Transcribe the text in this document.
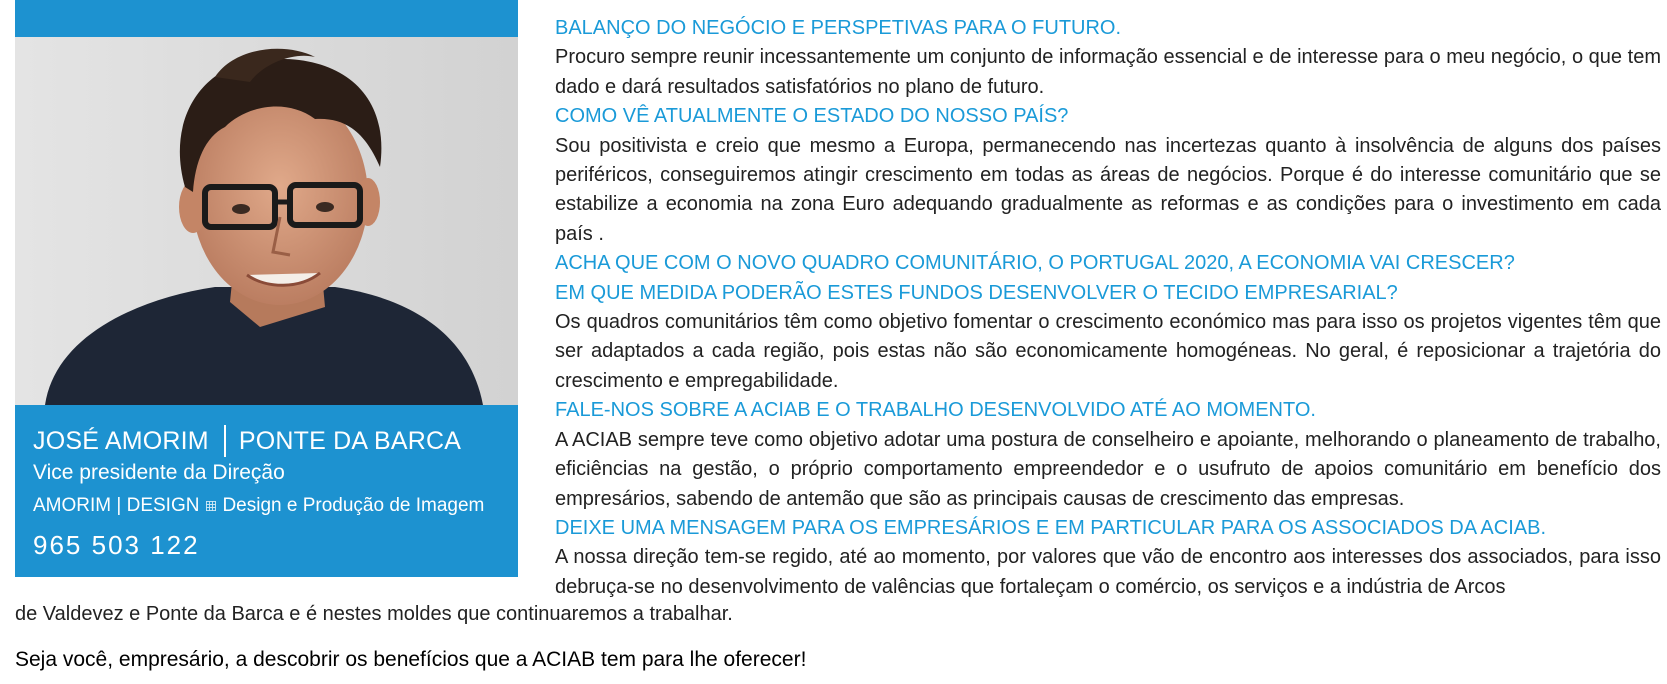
JOSÉ AMORIM PONTE DA BARCA
Vice presidente da Direção
AMORIM | DESIGN Design e Produção de Imagem
965 503 122

BALANÇO DO NEGÓCIO E PERSPETIVAS PARA O FUTURO.

Procuro sempre reunir incessantemente um conjunto de informação essencial e de interesse para o meu negócio, o que tem dado e dará resultados satisfatórios no plano de futuro.

COMO VÊ ATUALMENTE O ESTADO DO NOSSO PAÍS?

Sou positivista e creio que mesmo a Europa, permanecendo nas incertezas quanto à insolvência de alguns dos países periféricos, conseguiremos atingir crescimento em todas as áreas de negócios. Porque é do interesse comunitário que se estabilize a economia na zona Euro adequando gradualmente as reformas e as condições para o investimento em cada país .

ACHA QUE COM O NOVO QUADRO COMUNITÁRIO, O PORTUGAL 2020, A ECONOMIA VAI CRESCER?

EM QUE MEDIDA PODERÃO ESTES FUNDOS DESENVOLVER O TECIDO EMPRESARIAL?

Os quadros comunitários têm como objetivo fomentar o crescimento económico mas para isso os projetos vigentes têm que ser adaptados a cada região, pois estas não são economicamente homogéneas. No geral, é reposicionar a trajetória do crescimento e empregabilidade.

FALE-NOS SOBRE A ACIAB E O TRABALHO DESENVOLVIDO ATÉ AO MOMENTO.

A ACIAB sempre teve como objetivo adotar uma postura de conselheiro e apoiante, melhorando o planeamento de trabalho, eficiências na gestão, o próprio comportamento empreendedor e o usufruto de apoios comunitário em benefício dos empresários, sabendo de antemão que são as principais causas de crescimento das empresas.

DEIXE UMA MENSAGEM PARA OS EMPRESÁRIOS E EM PARTICULAR PARA OS ASSOCIADOS DA ACIAB.

A nossa direção tem-se regido, até ao momento, por valores que vão de encontro aos interesses dos associados, para isso debruça-se no desenvolvimento de valências que fortaleçam o comércio, os serviços e a indústria de Arcos

de Valdevez e Ponte da Barca e é nestes moldes que continuaremos a trabalhar.
Seja você, empresário, a descobrir os benefícios que a ACIAB tem para lhe oferecer!
